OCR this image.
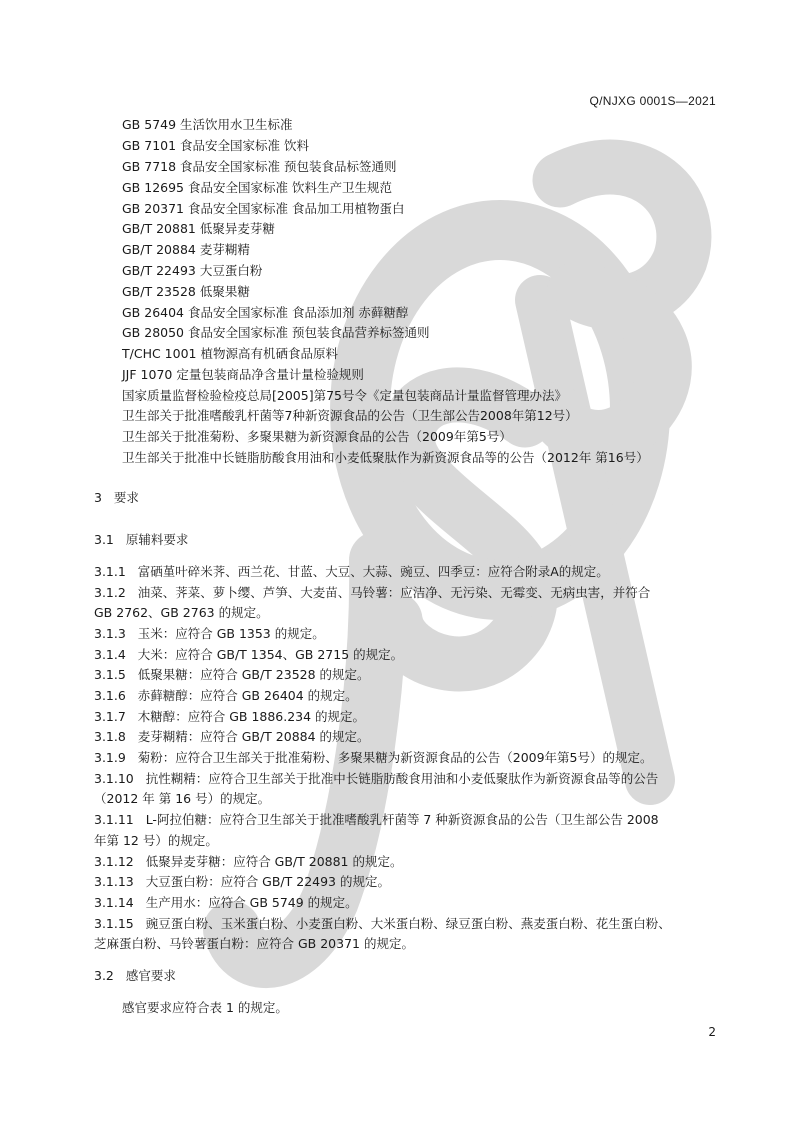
Q/NJXG 0001S—2021
GB 5749 生活饮用水卫生标准
GB 7101 食品安全国家标准 饮料
GB 7718 食品安全国家标准 预包装食品标签通则
GB 12695 食品安全国家标准 饮料生产卫生规范
GB 20371 食品安全国家标准 食品加工用植物蛋白
GB/T 20881 低聚异麦芽糖
GB/T 20884 麦芽糊精
GB/T 22493 大豆蛋白粉
GB/T 23528 低聚果糖
GB 26404 食品安全国家标准 食品添加剂 赤藓糖醇
GB 28050 食品安全国家标准 预包装食品营养标签通则
T/CHC 1001 植物源高有机硒食品原料
JJF 1070 定量包装商品净含量计量检验规则
国家质量监督检验检疫总局[2005]第75号令《定量包装商品计量监督管理办法》
卫生部关于批准嗜酸乳杆菌等7种新资源食品的公告（卫生部公告2008年第12号）
卫生部关于批准菊粉、多聚果糖为新资源食品的公告（2009年第5号）
卫生部关于批准中长链脂肪酸食用油和小麦低聚肽作为新资源食品等的公告（2012年 第16号）
3 要求
3.1 原辅料要求
3.1.1 富硒堇叶碎米荠、西兰花、甘蓝、大豆、大蒜、豌豆、四季豆：应符合附录A的规定。
3.1.2 油菜、荠菜、萝卜缨、芦笋、大麦苗、马铃薯：应洁净、无污染、无霉变、无病虫害，并符合
GB 2762、GB 2763 的规定。
3.1.3 玉米：应符合 GB 1353 的规定。
3.1.4 大米：应符合 GB/T 1354、GB 2715 的规定。
3.1.5 低聚果糖：应符合 GB/T 23528 的规定。
3.1.6 赤藓糖醇：应符合 GB 26404 的规定。
3.1.7 木糖醇：应符合 GB 1886.234 的规定。
3.1.8 麦芽糊精：应符合 GB/T 20884 的规定。
3.1.9 菊粉：应符合卫生部关于批准菊粉、多聚果糖为新资源食品的公告（2009年第5号）的规定。
3.1.10 抗性糊精：应符合卫生部关于批准中长链脂肪酸食用油和小麦低聚肽作为新资源食品等的公告
（2012 年 第 16 号）的规定。
3.1.11 L-阿拉伯糖：应符合卫生部关于批准嗜酸乳杆菌等 7 种新资源食品的公告（卫生部公告 2008
年第 12 号）的规定。
3.1.12 低聚异麦芽糖：应符合 GB/T 20881 的规定。
3.1.13 大豆蛋白粉：应符合 GB/T 22493 的规定。
3.1.14 生产用水：应符合 GB 5749 的规定。
3.1.15 豌豆蛋白粉、玉米蛋白粉、小麦蛋白粉、大米蛋白粉、绿豆蛋白粉、燕麦蛋白粉、花生蛋白粉、
芝麻蛋白粉、马铃薯蛋白粉：应符合 GB 20371 的规定。
3.2 感官要求
感官要求应符合表 1 的规定。
2
